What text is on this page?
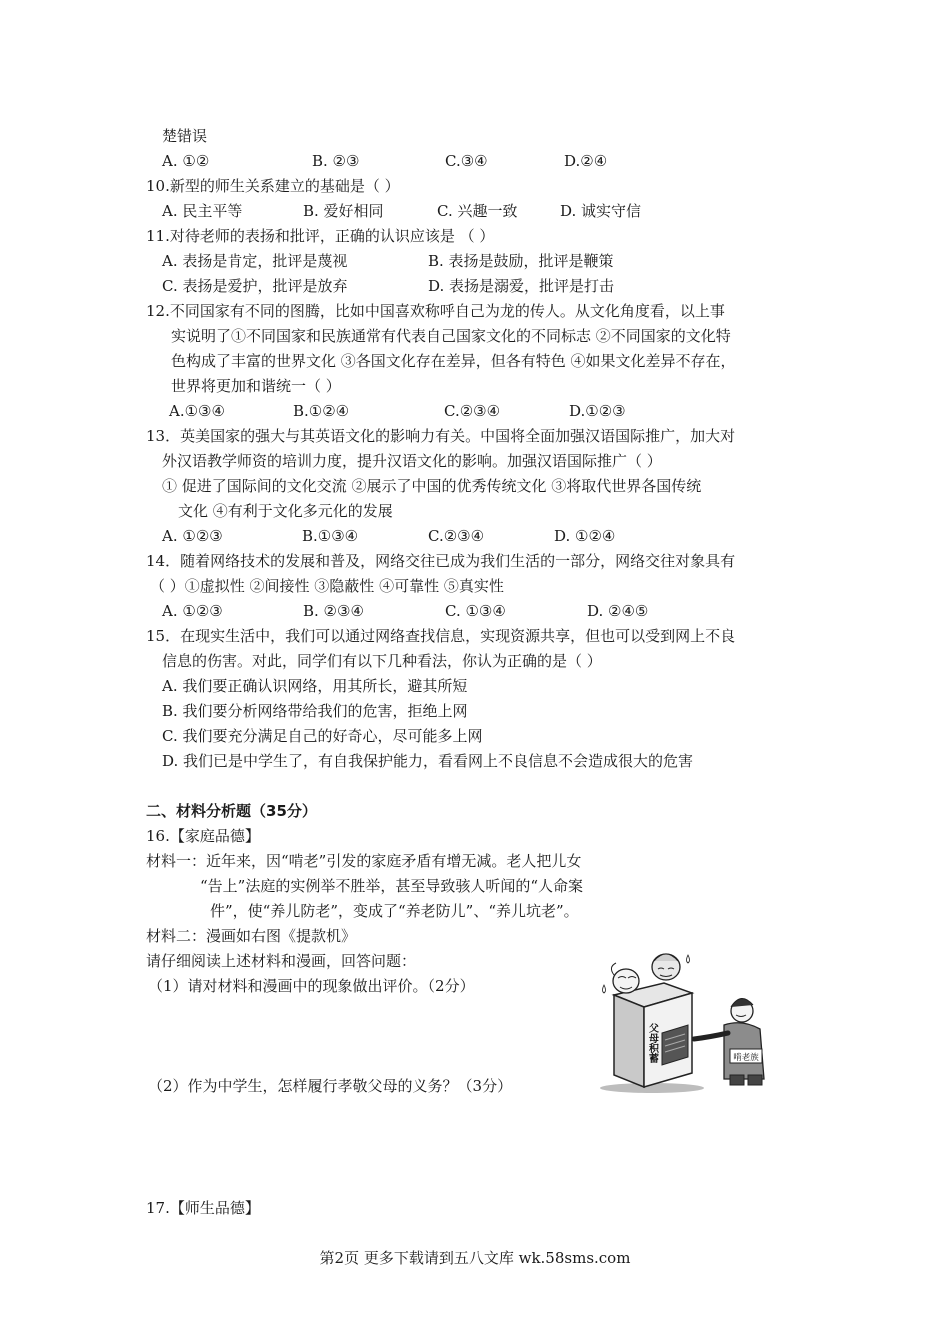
楚错误
A. ①②	B. ②③	C.③④	D.②④
10.新型的师生关系建立的基础是（ ）
A. 民主平等	B. 爱好相同	C. 兴趣一致	D. 诚实守信
11.对待老师的表扬和批评，正确的认识应该是 （ ）
A. 表扬是肯定，批评是蔑视	B. 表扬是鼓励，批评是鞭策
C. 表扬是爱护，批评是放弃	D. 表扬是溺爱，批评是打击
12.不同国家有不同的图腾，比如中国喜欢称呼自己为龙的传人。从文化角度看，以上事
实说明了①不同国家和民族通常有代表自己国家文化的不同标志 ②不同国家的文化特
色构成了丰富的世界文化 ③各国文化存在差异，但各有特色 ④如果文化差异不存在，
世界将更加和谐统一（ ）
A.①③④	B.①②④	C.②③④	D.①②③
13．英美国家的强大与其英语文化的影响力有关。中国将全面加强汉语国际推广，加大对
外汉语教学师资的培训力度，提升汉语文化的影响。加强汉语国际推广（ ）
① 促进了国际间的文化交流 ②展示了中国的优秀传统文化 ③将取代世界各国传统
文化 ④有利于文化多元化的发展
A. ①②③	B.①③④	C.②③④	D. ①②④
14．随着网络技术的发展和普及，网络交往已成为我们生活的一部分，网络交往对象具有
（ ）①虚拟性 ②间接性 ③隐蔽性 ④可靠性 ⑤真实性
A. ①②③	B. ②③④	C. ①③④	D. ②④⑤
15．在现实生活中，我们可以通过网络查找信息，实现资源共享，但也可以受到网上不良
信息的伤害。对此，同学们有以下几种看法，你认为正确的是（ ）
A. 我们要正确认识网络，用其所长，避其所短
B. 我们要分析网络带给我们的危害，拒绝上网
C. 我们要充分满足自己的好奇心，尽可能多上网
D. 我们已是中学生了，有自我保护能力，看看网上不良信息不会造成很大的危害
二、材料分析题（35分）
16.【家庭品德】
材料一：近年来，因“啃老”引发的家庭矛盾有增无减。老人把儿女
“告上”法庭的实例举不胜举，甚至导致骇人听闻的“人命案
件”，使“养儿防老”，变成了“养老防儿”、“养儿坑老”。
材料二：漫画如右图《提款机》
请仔细阅读上述材料和漫画，回答问题：
（1）请对材料和漫画中的现象做出评价。（2分）
（2）作为中学生，怎样履行孝敬父母的义务？（3分）
父母积蓄	啃老族
17.【师生品德】
第2页 更多下载请到五八文库 wk.58sms.com
